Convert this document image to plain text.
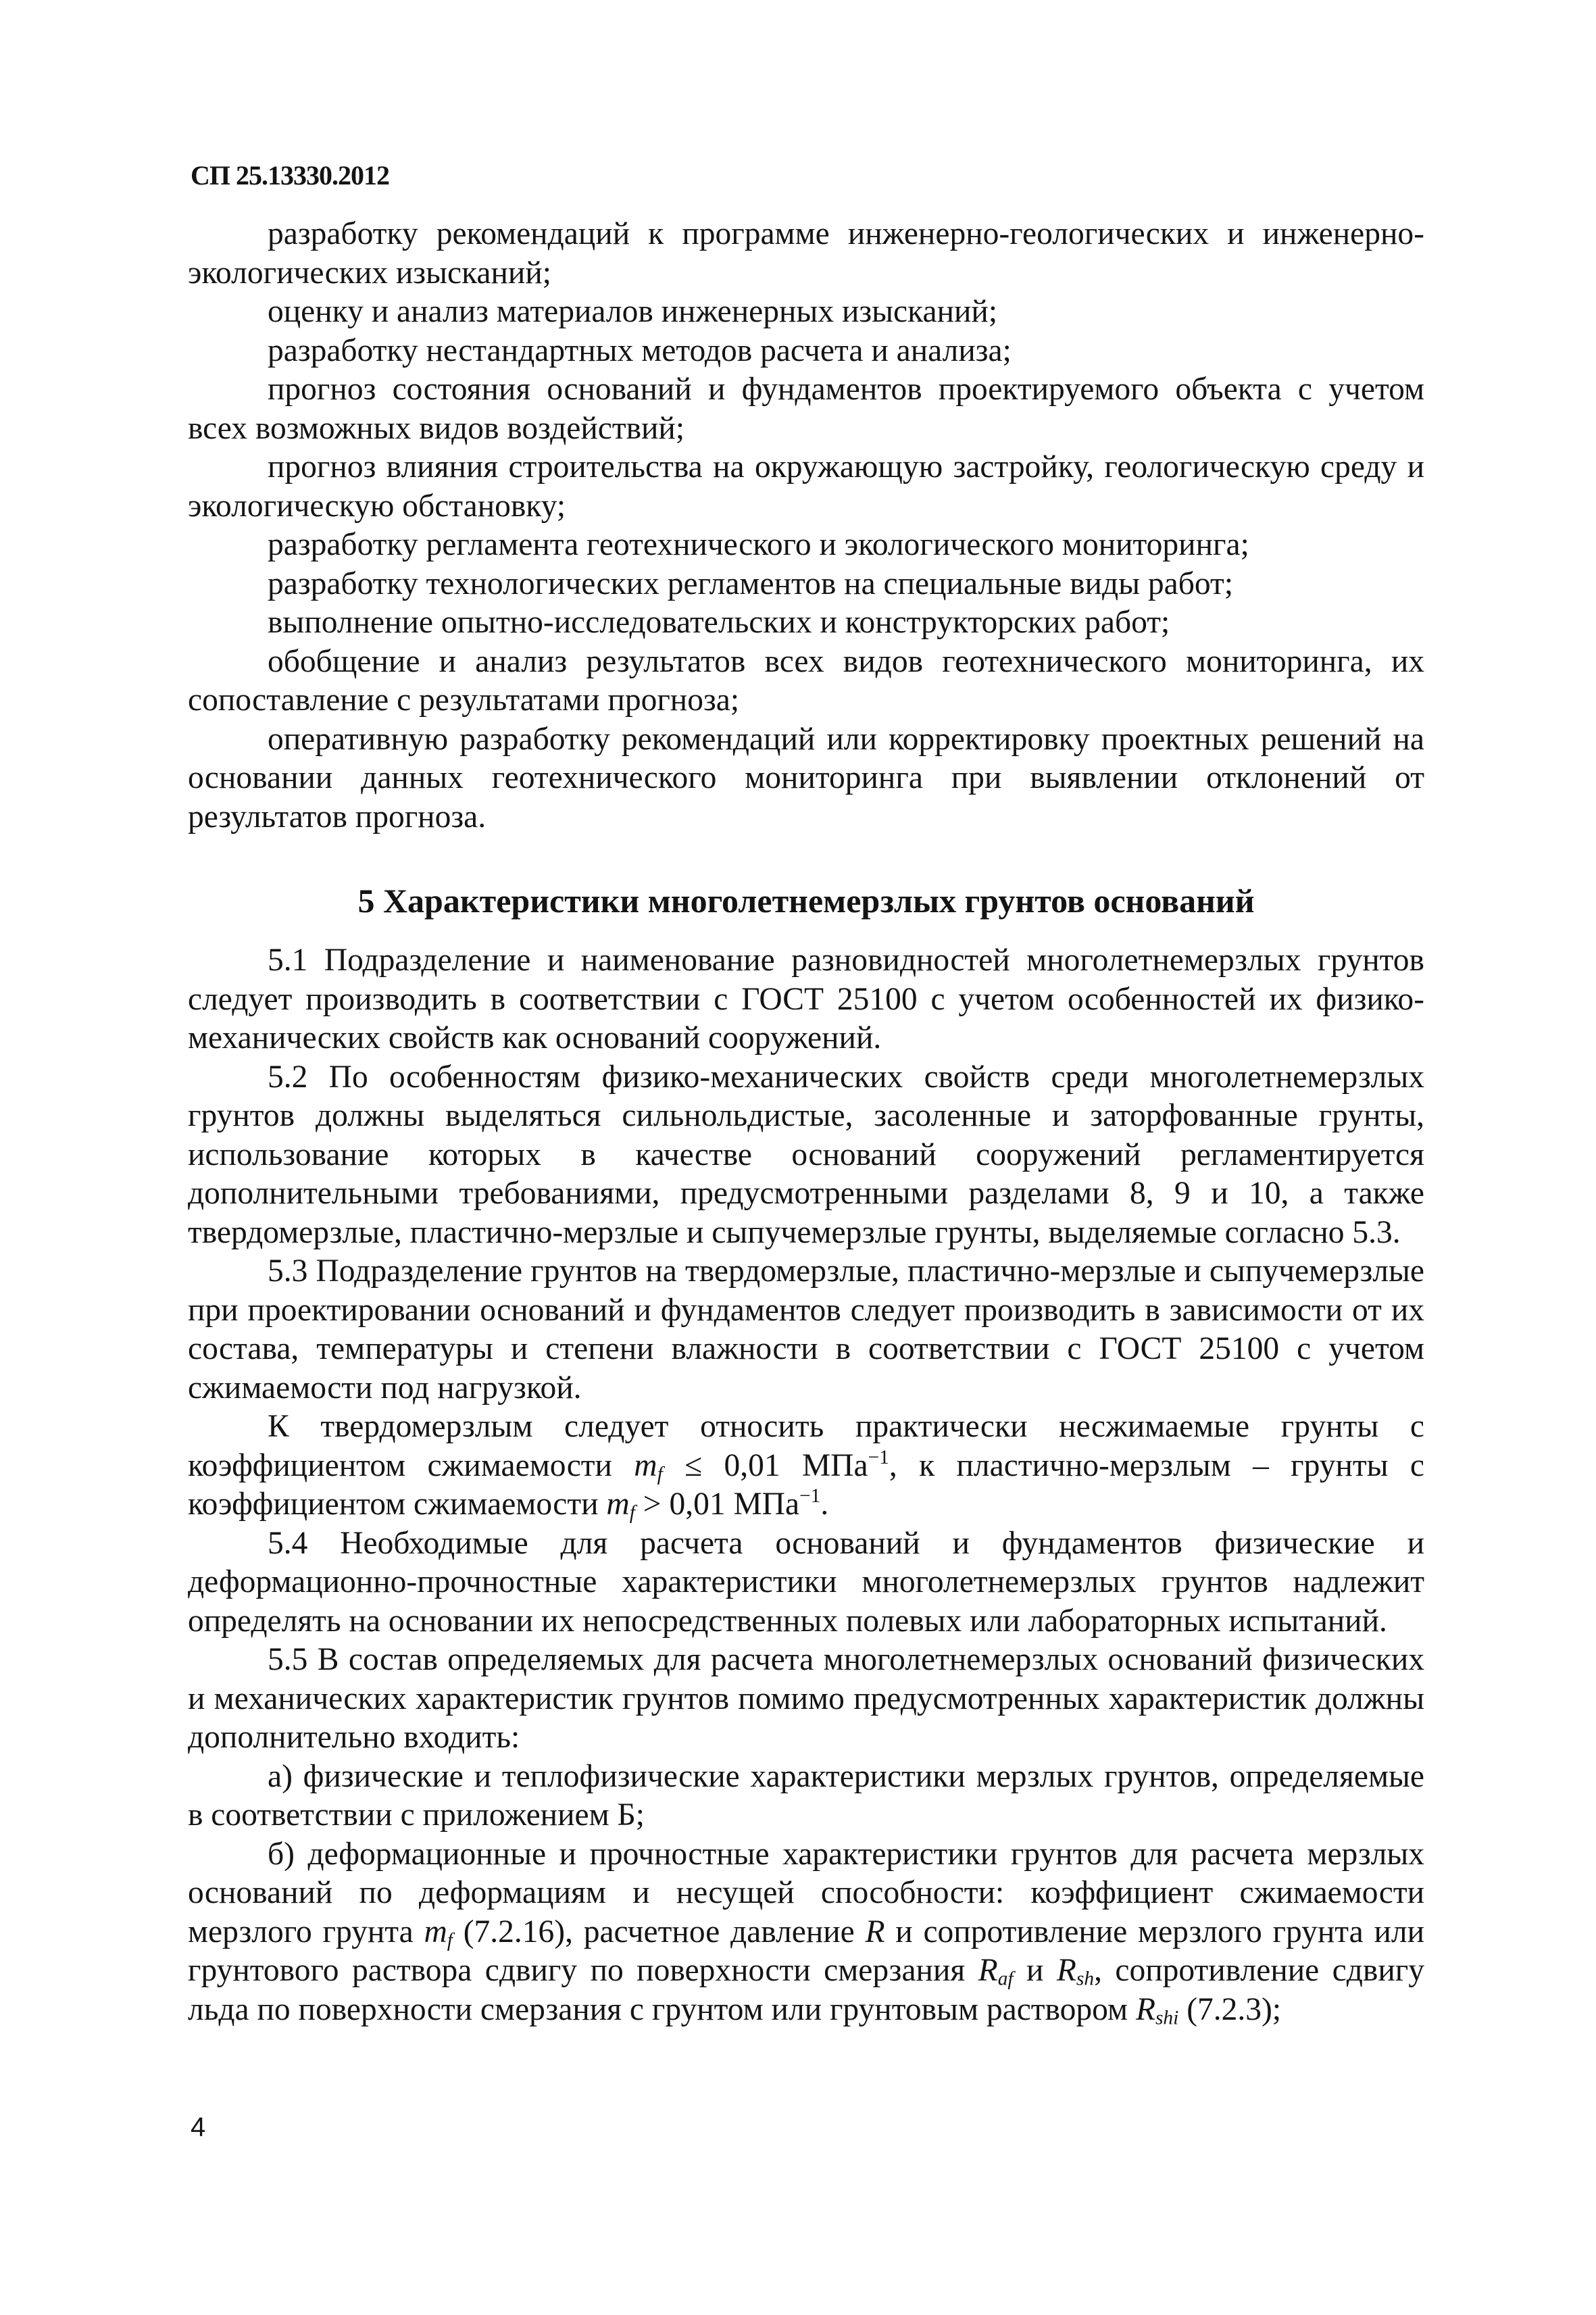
СП 25.13330.2012

разработку рекомендаций к программе инженерно-геологических и инженерно-экологических изысканий;

оценку и анализ материалов инженерных изысканий;

разработку нестандартных методов расчета и анализа;

прогноз состояния оснований и фундаментов проектируемого объекта с учетом всех возможных видов воздействий;

прогноз влияния строительства на окружающую застройку, геологическую среду и экологическую обстановку;

разработку регламента геотехнического и экологического мониторинга;

разработку технологических регламентов на специальные виды работ;

выполнение опытно-исследовательских и конструкторских работ;

обобщение и анализ результатов всех видов геотехнического мониторинга, их сопоставление с результатами прогноза;

оперативную разработку рекомендаций или корректировку проектных решений на основании данных геотехнического мониторинга при выявлении отклонений от результатов прогноза.

5 Характеристики многолетнемерзлых грунтов оснований

5.1 Подразделение и наименование разновидностей многолетнемерзлых грунтов следует производить в соответствии с ГОСТ 25100 с учетом особенностей их физико-механических свойств как оснований сооружений.

5.2 По особенностям физико-механических свойств среди многолетнемерзлых грунтов должны выделяться сильнольдистые, засоленные и заторфованные грунты, использование которых в качестве оснований сооружений регламентируется дополнительными требованиями, предусмотренными разделами 8, 9 и 10, а также твердомерзлые, пластично-мерзлые и сыпучемерзлые грунты, выделяемые согласно 5.3.

5.3 Подразделение грунтов на твердомерзлые, пластично-мерзлые и сыпучемерзлые при проектировании оснований и фундаментов следует производить в зависимости от их состава, температуры и степени влажности в соответствии с ГОСТ 25100 с учетом сжимаемости под нагрузкой.

К твердомерзлым следует относить практически несжимаемые грунты с коэффициентом сжимаемости $m_f \le 0,01$ МПа$^{-1}$, к пластично-мерзлым – грунты с коэффициентом сжимаемости $m_f > 0,01$ МПа$^{-1}$.

5.4 Необходимые для расчета оснований и фундаментов физические и деформационно-прочностные характеристики многолетнемерзлых грунтов надлежит определять на основании их непосредственных полевых или лабораторных испытаний.

5.5 В состав определяемых для расчета многолетнемерзлых оснований физических и механических характеристик грунтов помимо предусмотренных характеристик должны дополнительно входить:

а) физические и теплофизические характеристики мерзлых грунтов, определяемые в соответствии с приложением Б;

б) деформационные и прочностные характеристики грунтов для расчета мерзлых оснований по деформациям и несущей способности: коэффициент сжимаемости мерзлого грунта $m_f$ (7.2.16), расчетное давление R и сопротивление мерзлого грунта или грунтового раствора сдвигу по поверхности смерзания $R_{af}$ и $R_{sh}$, сопротивление сдвигу льда по поверхности смерзания с грунтом или грунтовым раствором $R_{shi}$ (7.2.3);

4
